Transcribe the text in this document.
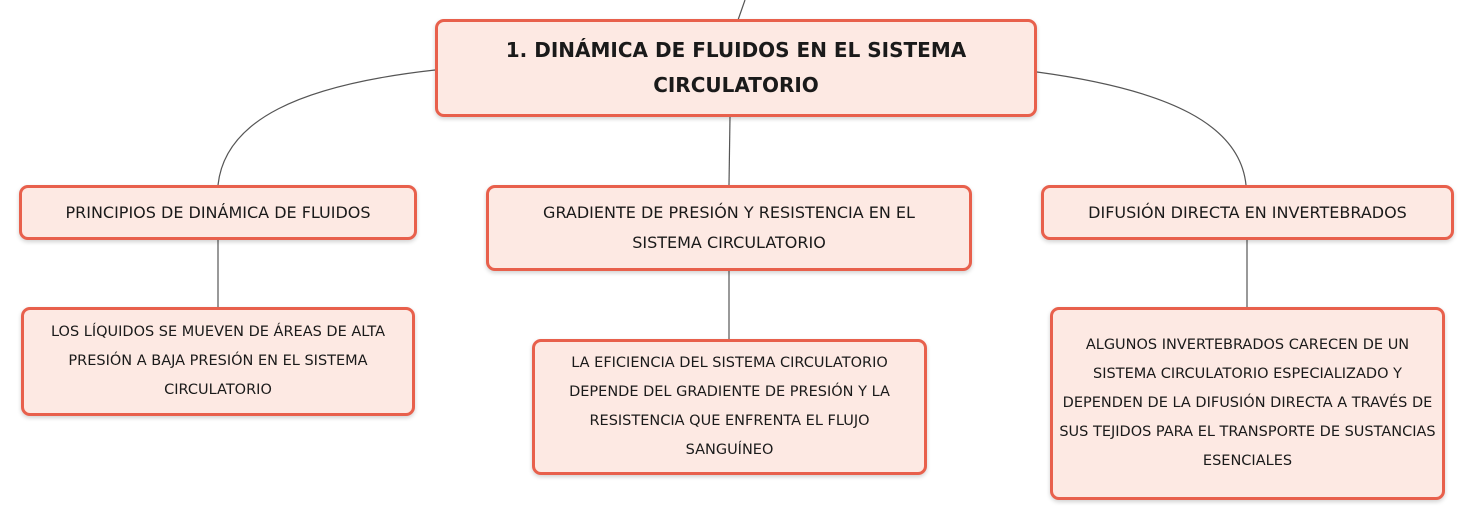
1. DINÁMICA DE FLUIDOS EN EL SISTEMA CIRCULATORIO
PRINCIPIOS DE DINÁMICA DE FLUIDOS	GRADIENTE DE PRESIÓN Y RESISTENCIA EN EL SISTEMA CIRCULATORIO
DIFUSIÓN DIRECTA EN INVERTEBRADOS
LOS LÍQUIDOS SE MUEVEN DE ÁREAS DE ALTA PRESIÓN A BAJA PRESIÓN EN EL SISTEMA CIRCULATORIO
LA EFICIENCIA DEL SISTEMA CIRCULATORIO DEPENDE DEL GRADIENTE DE PRESIÓN Y LA RESISTENCIA QUE ENFRENTA EL FLUJO SANGUÍNEO
ALGUNOS INVERTEBRADOS CARECEN DE UN SISTEMA CIRCULATORIO ESPECIALIZADO Y DEPENDEN DE LA DIFUSIÓN DIRECTA A TRAVÉS DE SUS TEJIDOS PARA EL TRANSPORTE DE SUSTANCIAS ESENCIALES
